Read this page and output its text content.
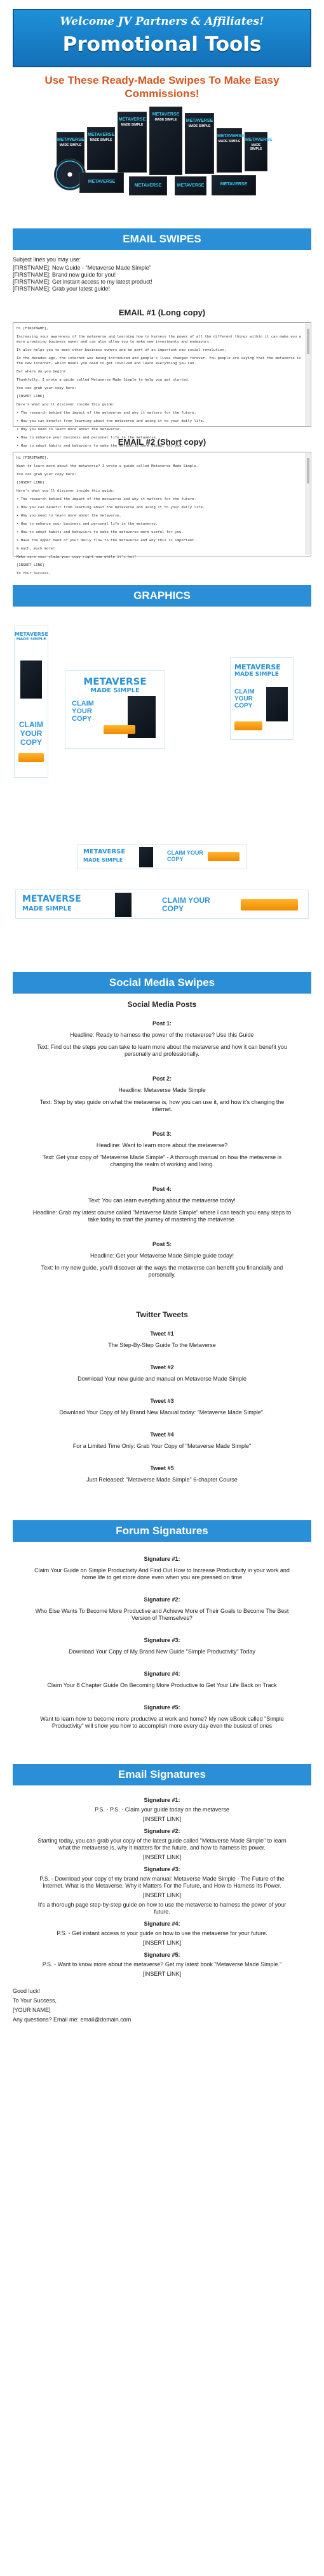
Welcome JV Partners & Affiliates!
Promotional Tools
Use These Ready-Made Swipes To Make Easy Commissions!
METAVERSE
MADE SIMPLE
METAVERSE
MADE SIMPLE
METAVERSE
MADE SIMPLE
METAVERSE
MADE SIMPLE	METAVERSE
MADE SIMPLE
METAVERSE
MADE SIMPLE METAVERSE
MADE SIMPLE
METAVERSE
METAVERSE	METAVERSE	METAVERSE
EMAIL SWIPES
Subject lines you may use:
[FIRSTNAME]: New Guide - "Metaverse Made Simple"
[FIRSTNAME]: Brand new guide for you!
[FIRSTNAME]: Get instant access to my latest product!
[FIRSTNAME]: Grab your latest guide!
EMAIL #1 (Long copy)

Hi [FIRSTNAME],

Increasing your awareness of the metaverse and learning how to harness the power of all the different things within it can make you a more promising business owner and can also allow you to make new investments and endeavors.

It also helps you to meet other business owners and be part of an important new social revolution.

In the decades ago, the internet was being introduced and people's lives changed forever. You people are saying that the metaverse is the new internet, which means you need to get involved and learn everything you can.

But where do you begin?

Thankfully, I wrote a guide called Metaverse Made Simple to help you get started.

You can grab your copy here:

[INSERT LINK]

Here's what you'll discover inside this guide:

• The research behind the impact of the metaverse and why it matters for the future.

• How you can benefit from learning about the metaverse and using it to your daily life.

• Why you need to learn more about the metaverse.

• How to enhance your business and personal life in the metaverse.

• How to adopt habits and behaviors to make the metaverse more useful for you.

EMAIL #2 (Short copy)

Hi [FIRSTNAME],

Want to learn more about the metaverse? I wrote a guide called Metaverse Made Simple.

You can grab your copy here:

[INSERT LINK]

Here's what you'll discover inside this guide:

• The research behind the impact of the metaverse and why it matters for the future.

• How you can benefit from learning about the metaverse and using it to your daily life.

• Why you need to learn more about the metaverse.

• How to enhance your business and personal life in the metaverse.

• How to adopt habits and behaviors to make the metaverse more useful for you.

• Have the upper hand of your daily flow to the metaverse and why this is important.

& much, much more!

Make sure your claim your copy right now while it's hot!

[INSERT LINK]

To Your Success,

GRAPHICS
METAVERSE
MADE SIMPLE
CLAIM
YOUR
COPY
METAVERSE
MADE SIMPLE
CLAIM
YOUR
COPY
METAVERSE
MADE SIMPLE
CLAIM
YOUR
COPY
METAVERSE
MADE SIMPLE
CLAIM YOUR COPY
METAVERSE
MADE SIMPLE
CLAIM YOUR COPY
Social Media Swipes
Social Media Posts
Post 1:
Headline: Ready to harness the power of the metaverse? Use this Guide
Text: Find out the steps you can take to learn more about the metaverse and how it can benefit you personally and professionally.
Post 2:
Headline: Metaverse Made Simple
Text: Step by step guide on what the metaverse is, how you can use it, and how it's changing the internet.
Post 3:
Headline: Want to learn more about the metaverse?
Text: Get your copy of "Metaverse Made Simple" - A thorough manual on how the metaverse is changing the realm of working and living.
Post 4:
Text: You can learn everything about the metaverse today!
Headline: Grab my latest course called "Metaverse Made Simple" where I can teach you easy steps to take today to start the journey of mastering the metaverse.
Post 5:
Headline: Get your Metaverse Made Simple guide today!
Text: In my new guide, you'll discover all the ways the metaverse can benefit you financially and personally.
Twitter Tweets
Tweet #1
The Step-By-Step Guide To the Metaverse
Tweet #2
Download Your new guide and manual on Metaverse Made Simple
Tweet #3
Download Your Copy of My Brand New Manual today: "Metaverse Made Simple".
Tweet #4
For a Limited Time Only: Grab Your Copy of "Metaverse Made Simple"
Tweet #5
Just Released: "Metaverse Made Simple" 6-chapter Course
Forum Signatures
Signature #1:
Claim Your Guide on Simple Productivity And Find Out How to Increase Productivity in your work and home life to get more done even when you are pressed on time
Signature #2:
Who Else Wants To Become More Productive and Achieve More of Their Goals to Become The Best Version of Themselves?
Signature #3:
Download Your Copy of My Brand New Guide "Simple Productivity" Today
Signature #4:
Claim Your 8 Chapter Guide On Becoming More Productive to Get Your Life Back on Track
Signature #5:
Want to learn how to become more productive at work and home? My new eBook called "Simple Productivity" will show you how to accomplish more every day even the busiest of ones
Email Signatures
Signature #1:
P.S. - P.S. - Claim your guide today on the metaverse
[INSERT LINK]
Signature #2:
Starting today, you can grab your copy of the latest guide called "Metaverse Made Simple" to learn what the metaverse is, why it matters for the future, and how to harness its power.
[INSERT LINK]
Signature #3:
P.S. - Download your copy of my brand new manual: Metaverse Made Simple - The Future of the Internet. What is the Metaverse, Why it Matters For the Future, and How to Harness Its Power.
[INSERT LINK]
It's a thorough page step-by-step guide on how to use the metaverse to harness the power of your future.
Signature #4:
P.S. - Get instant access to your guide on how to use the metaverse for your future.
[INSERT LINK]
Signature #5:
P.S. - Want to know more about the metaverse? Get my latest book "Metaverse Made Simple."
[INSERT LINK]
Good luck!
To Your Success,
[YOUR NAME]
Any questions? Email me: email@domain.com
